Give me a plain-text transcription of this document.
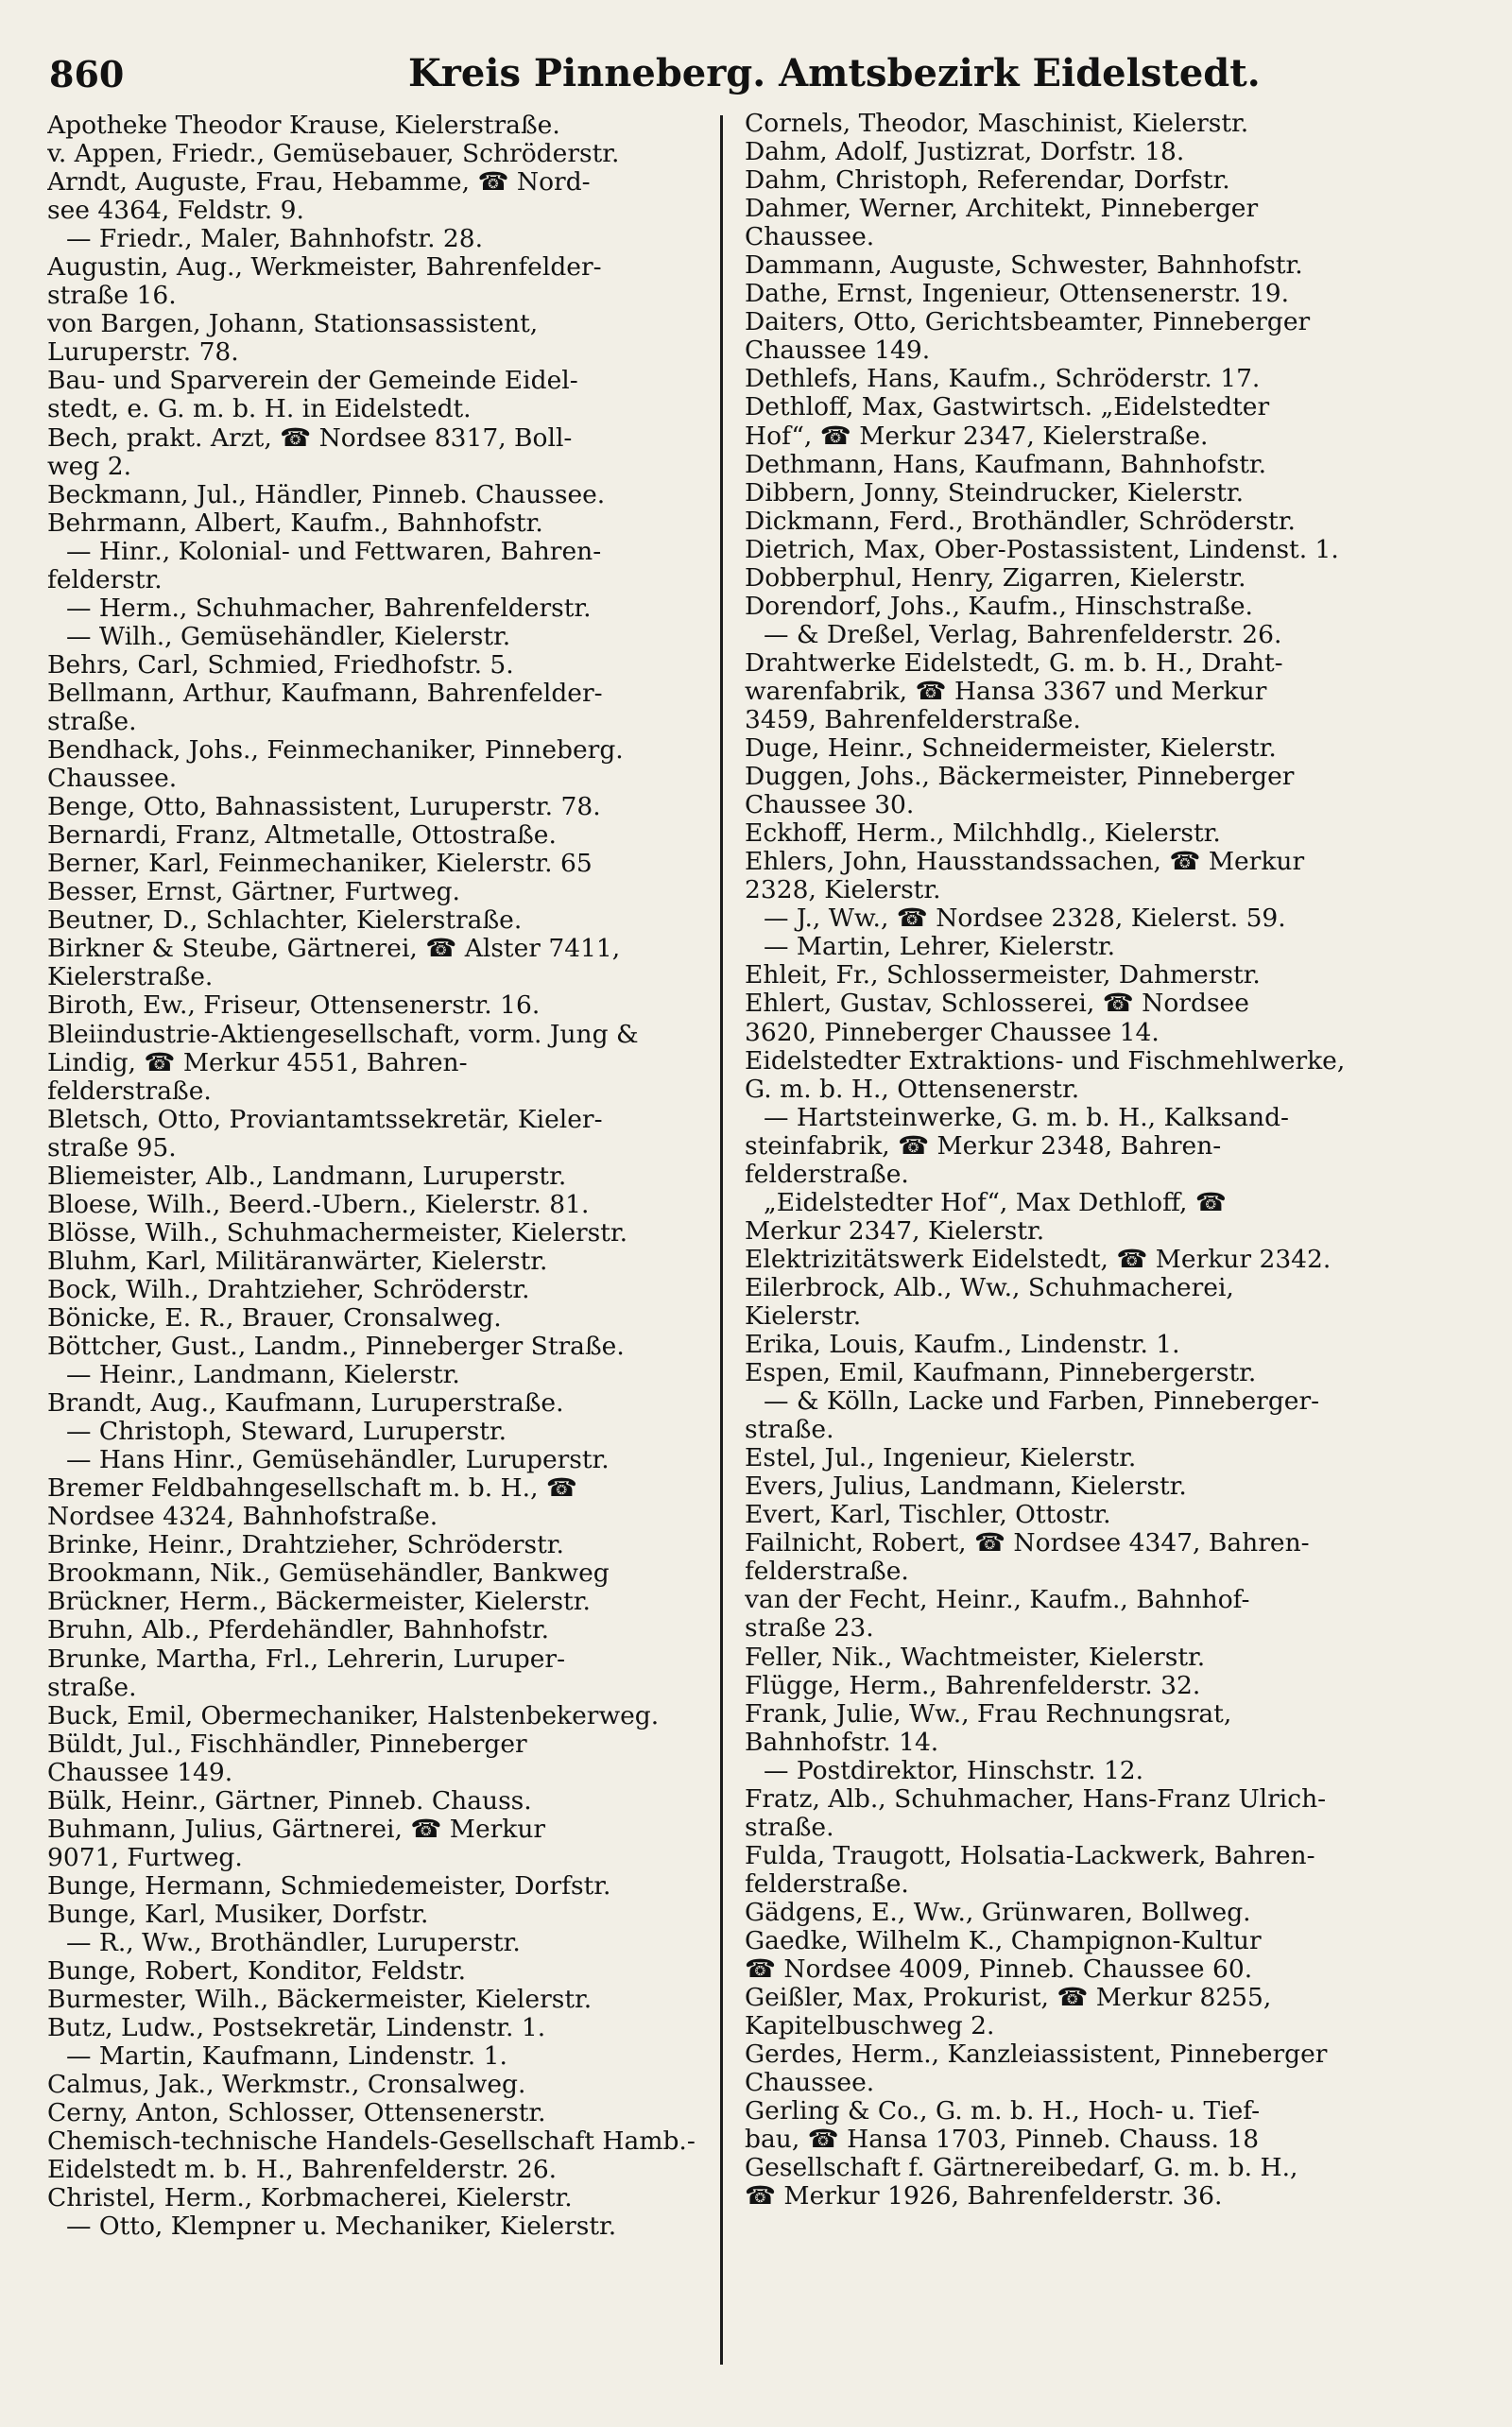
860	Kreis Pinneberg. Amtsbezirk Eidelstedt.
Apotheke Theodor Krause, Kielerstraße.
v. Appen, Friedr., Gemüsebauer, Schröderstr.
Arndt, Auguste, Frau, Hebamme, ☎ Nord-
see 4364, Feldstr. 9.
— Friedr., Maler, Bahnhofstr. 28.
Augustin, Aug., Werkmeister, Bahrenfelder-
straße 16.
von Bargen, Johann, Stationsassistent,
Luruperstr. 78.
Bau- und Sparverein der Gemeinde Eidel-
stedt, e. G. m. b. H. in Eidelstedt.
Bech, prakt. Arzt, ☎ Nordsee 8317, Boll-
weg 2.
Beckmann, Jul., Händler, Pinneb. Chaussee.
Behrmann, Albert, Kaufm., Bahnhofstr.
— Hinr., Kolonial- und Fettwaren, Bahren-
felderstr.
— Herm., Schuhmacher, Bahrenfelderstr.
— Wilh., Gemüsehändler, Kielerstr.
Behrs, Carl, Schmied, Friedhofstr. 5.
Bellmann, Arthur, Kaufmann, Bahrenfelder-
straße.
Bendhack, Johs., Feinmechaniker, Pinneberg.
Chaussee.
Benge, Otto, Bahnassistent, Luruperstr. 78.
Bernardi, Franz, Altmetalle, Ottostraße.
Berner, Karl, Feinmechaniker, Kielerstr. 65
Besser, Ernst, Gärtner, Furtweg.
Beutner, D., Schlachter, Kielerstraße.
Birkner & Steube, Gärtnerei, ☎ Alster 7411,
Kielerstraße.
Biroth, Ew., Friseur, Ottensenerstr. 16.
Bleiindustrie-Aktiengesellschaft, vorm. Jung &
Lindig, ☎ Merkur 4551, Bahren-
felderstraße.
Bletsch, Otto, Proviantamtssekretär, Kieler-
straße 95.
Bliemeister, Alb., Landmann, Luruperstr.
Bloese, Wilh., Beerd.-Ubern., Kielerstr. 81.
Blösse, Wilh., Schuhmachermeister, Kielerstr.
Bluhm, Karl, Militäranwärter, Kielerstr.
Bock, Wilh., Drahtzieher, Schröderstr.
Bönicke, E. R., Brauer, Cronsalweg.
Böttcher, Gust., Landm., Pinneberger Straße.
— Heinr., Landmann, Kielerstr.
Brandt, Aug., Kaufmann, Luruperstraße.
— Christoph, Steward, Luruperstr.
— Hans Hinr., Gemüsehändler, Luruperstr.
Bremer Feldbahngesellschaft m. b. H., ☎
Nordsee 4324, Bahnhofstraße.
Brinke, Heinr., Drahtzieher, Schröderstr.
Brookmann, Nik., Gemüsehändler, Bankweg
Brückner, Herm., Bäckermeister, Kielerstr.
Bruhn, Alb., Pferdehändler, Bahnhofstr.
Brunke, Martha, Frl., Lehrerin, Luruper-
straße.
Buck, Emil, Obermechaniker, Halstenbekerweg.
Büldt, Jul., Fischhändler, Pinneberger
Chaussee 149.
Bülk, Heinr., Gärtner, Pinneb. Chauss.
Buhmann, Julius, Gärtnerei, ☎ Merkur
9071, Furtweg.
Bunge, Hermann, Schmiedemeister, Dorfstr.
Bunge, Karl, Musiker, Dorfstr.
— R., Ww., Brothändler, Luruperstr.
Bunge, Robert, Konditor, Feldstr.
Burmester, Wilh., Bäckermeister, Kielerstr.
Butz, Ludw., Postsekretär, Lindenstr. 1.
— Martin, Kaufmann, Lindenstr. 1.
Calmus, Jak., Werkmstr., Cronsalweg.
Cerny, Anton, Schlosser, Ottensenerstr.
Chemisch-technische Handels-Gesellschaft Hamb.-
Eidelstedt m. b. H., Bahrenfelderstr. 26.
Christel, Herm., Korbmacherei, Kielerstr.
— Otto, Klempner u. Mechaniker, Kielerstr.
Cornels, Theodor, Maschinist, Kielerstr.
Dahm, Adolf, Justizrat, Dorfstr. 18.
Dahm, Christoph, Referendar, Dorfstr.
Dahmer, Werner, Architekt, Pinneberger
Chaussee.
Dammann, Auguste, Schwester, Bahnhofstr.
Dathe, Ernst, Ingenieur, Ottensenerstr. 19.
Daiters, Otto, Gerichtsbeamter, Pinneberger
Chaussee 149.
Dethlefs, Hans, Kaufm., Schröderstr. 17.
Dethloff, Max, Gastwirtsch. „Eidelstedter
Hof“, ☎ Merkur 2347, Kielerstraße.
Dethmann, Hans, Kaufmann, Bahnhofstr.
Dibbern, Jonny, Steindrucker, Kielerstr.
Dickmann, Ferd., Brothändler, Schröderstr.
Dietrich, Max, Ober-Postassistent, Lindenst. 1.
Dobberphul, Henry, Zigarren, Kielerstr.
Dorendorf, Johs., Kaufm., Hinschstraße.
— & Dreßel, Verlag, Bahrenfelderstr. 26.
Drahtwerke Eidelstedt, G. m. b. H., Draht-
warenfabrik, ☎ Hansa 3367 und Merkur
3459, Bahrenfelderstraße.
Duge, Heinr., Schneidermeister, Kielerstr.
Duggen, Johs., Bäckermeister, Pinneberger
Chaussee 30.
Eckhoff, Herm., Milchhdlg., Kielerstr.
Ehlers, John, Hausstandssachen, ☎ Merkur
2328, Kielerstr.
— J., Ww., ☎ Nordsee 2328, Kielerst. 59.
— Martin, Lehrer, Kielerstr.
Ehleit, Fr., Schlossermeister, Dahmerstr.
Ehlert, Gustav, Schlosserei, ☎ Nordsee
3620, Pinneberger Chaussee 14.
Eidelstedter Extraktions- und Fischmehlwerke,
G. m. b. H., Ottensenerstr.
— Hartsteinwerke, G. m. b. H., Kalksand-
steinfabrik, ☎ Merkur 2348, Bahren-
felderstraße.
„Eidelstedter Hof“, Max Dethloff, ☎
Merkur 2347, Kielerstr.
Elektrizitätswerk Eidelstedt, ☎ Merkur 2342.
Eilerbrock, Alb., Ww., Schuhmacherei,
Kielerstr.
Erika, Louis, Kaufm., Lindenstr. 1.
Espen, Emil, Kaufmann, Pinnebergerstr.
— & Kölln, Lacke und Farben, Pinneberger-
straße.
Estel, Jul., Ingenieur, Kielerstr.
Evers, Julius, Landmann, Kielerstr.
Evert, Karl, Tischler, Ottostr.
Failnicht, Robert, ☎ Nordsee 4347, Bahren-
felderstraße.
van der Fecht, Heinr., Kaufm., Bahnhof-
straße 23.
Feller, Nik., Wachtmeister, Kielerstr.
Flügge, Herm., Bahrenfelderstr. 32.
Frank, Julie, Ww., Frau Rechnungsrat,
Bahnhofstr. 14.
— Postdirektor, Hinschstr. 12.
Fratz, Alb., Schuhmacher, Hans-Franz Ulrich-
straße.
Fulda, Traugott, Holsatia-Lackwerk, Bahren-
felderstraße.
Gädgens, E., Ww., Grünwaren, Bollweg.
Gaedke, Wilhelm K., Champignon-Kultur
☎ Nordsee 4009, Pinneb. Chaussee 60.
Geißler, Max, Prokurist, ☎ Merkur 8255,
Kapitelbuschweg 2.
Gerdes, Herm., Kanzleiassistent, Pinneberger
Chaussee.
Gerling & Co., G. m. b. H., Hoch- u. Tief-
bau, ☎ Hansa 1703, Pinneb. Chauss. 18
Gesellschaft f. Gärtnereibedarf, G. m. b. H.,
☎ Merkur 1926, Bahrenfelderstr. 36.
